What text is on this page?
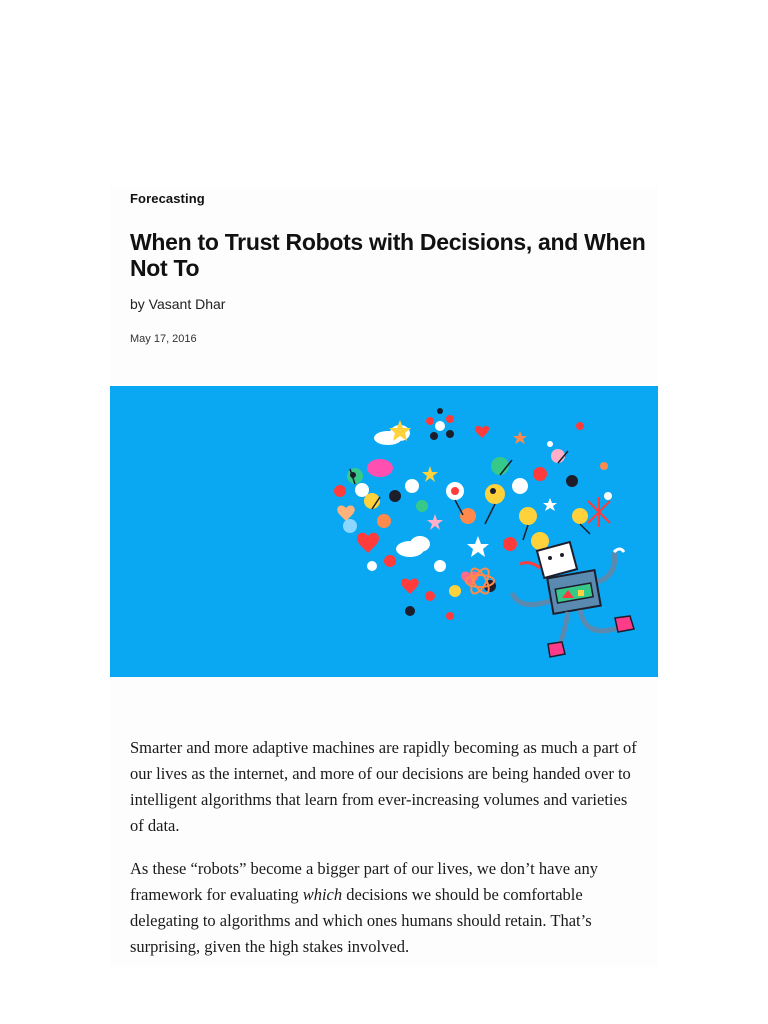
Forecasting

When to Trust Robots with Decisions, and When Not To

by Vasant Dhar

May 17, 2016

Smarter and more adaptive machines are rapidly becoming as much a part of our lives as the internet, and more of our decisions are being handed over to intelligent algorithms that learn from ever-increasing volumes and varieties of data.

As these “robots” become a bigger part of our lives, we don’t have any framework for evaluating which decisions we should be comfortable delegating to algorithms and which ones humans should retain. That’s surprising, given the high stakes involved.
